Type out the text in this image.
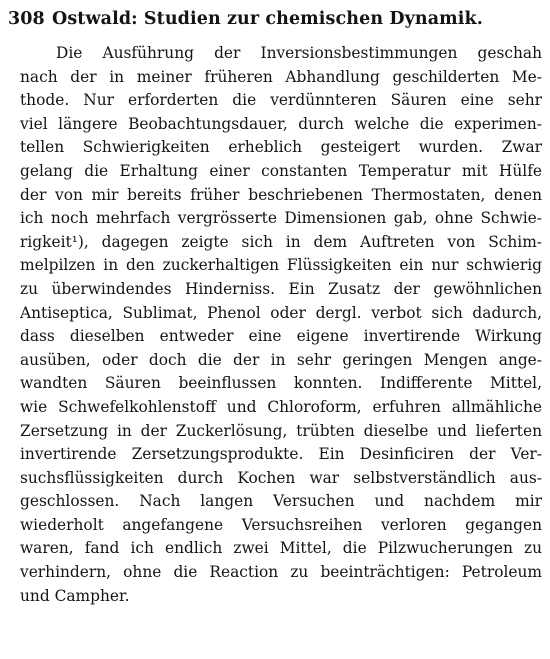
308 Ostwald: Studien zur chemischen Dynamik.
Die Ausführung der Inversionsbestimmungen geschah
nach der in meiner früheren Abhandlung geschilderten Me-
thode. Nur erforderten die verdünnteren Säuren eine sehr
viel längere Beobachtungsdauer, durch welche die experimen-
tellen Schwierigkeiten erheblich gesteigert wurden. Zwar
gelang die Erhaltung einer constanten Temperatur mit Hülfe
der von mir bereits früher beschriebenen Thermostaten, denen
ich noch mehrfach vergrösserte Dimensionen gab, ohne Schwie-
rigkeit¹), dagegen zeigte sich in dem Auftreten von Schim-
melpilzen in den zuckerhaltigen Flüssigkeiten ein nur schwierig
zu überwindendes Hinderniss. Ein Zusatz der gewöhnlichen
Antiseptica, Sublimat, Phenol oder dergl. verbot sich dadurch,
dass dieselben entweder eine eigene invertirende Wirkung
ausüben, oder doch die der in sehr geringen Mengen ange-
wandten Säuren beeinflussen konnten. Indifferente Mittel,
wie Schwefelkohlenstoff und Chloroform, erfuhren allmähliche
Zersetzung in der Zuckerlösung, trübten dieselbe und lieferten
invertirende Zersetzungsprodukte. Ein Desinficiren der Ver-
suchsflüssigkeiten durch Kochen war selbstverständlich aus-
geschlossen. Nach langen Versuchen und nachdem mir
wiederholt angefangene Versuchsreihen verloren gegangen
waren, fand ich endlich zwei Mittel, die Pilzwucherungen zu
verhindern, ohne die Reaction zu beeinträchtigen: Petroleum
und Campher.
